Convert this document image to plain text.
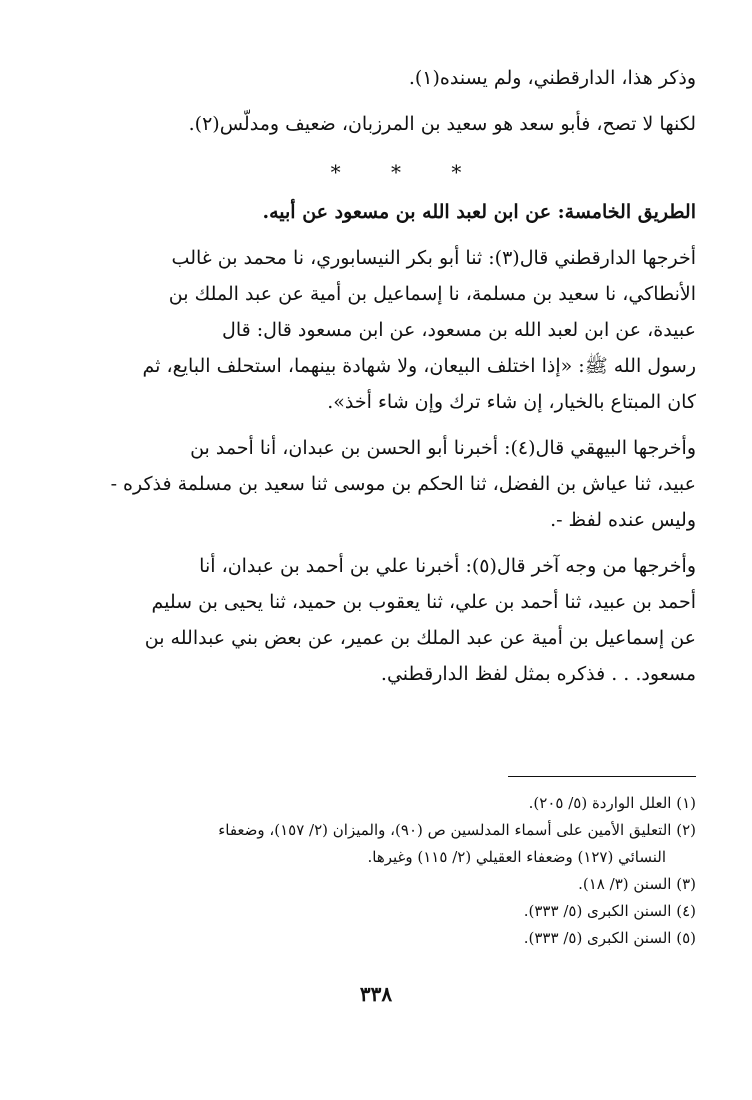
وذكر هذا، الدارقطني، ولم يسنده(١).
لكنها لا تصح، فأبو سعد هو سعيد بن المرزبان، ضعيف ومدلّس(٢).
*	*	*
الطريق الخامسة: عن ابن لعبد الله بن مسعود عن أبيه.
أخرجها الدارقطني قال(٣): ثنا أبو بكر النيسابوري، نا محمد بن غالب
الأنطاكي، نا سعيد بن مسلمة، نا إسماعيل بن أمية عن عبد الملك بن
عبيدة، عن ابن لعبد الله بن مسعود، عن ابن مسعود قال: قال
رسول الله ﷺ: «إذا اختلف البيعان، ولا شهادة بينهما، استحلف البايع، ثم
كان المبتاع بالخيار، إن شاء ترك وإن شاء أخذ».
وأخرجها البيهقي قال(٤): أخبرنا أبو الحسن بن عبدان، أنا أحمد بن
عبيد، ثنا عياش بن الفضل، ثنا الحكم بن موسى ثنا سعيد بن مسلمة فذكره -
وليس عنده لفظ -.
وأخرجها من وجه آخر قال(٥): أخبرنا علي بن أحمد بن عبدان، أنا
أحمد بن عبيد، ثنا أحمد بن علي، ثنا يعقوب بن حميد، ثنا يحيى بن سليم
عن إسماعيل بن أمية عن عبد الملك بن عمير، عن بعض بني عبدالله بن
مسعود. . . فذكره بمثل لفظ الدارقطني.
(١) العلل الواردة (٥/ ٢٠٥).
(٢) التعليق الأمين على أسماء المدلسين ص (٩٠)، والميزان (٢/ ١٥٧)، وضعفاء
النسائي (١٢٧) وضعفاء العقيلي (٢/ ١١٥) وغيرها.
(٣) السنن (٣/ ١٨).
(٤) السنن الكبرى (٥/ ٣٣٣).
(٥) السنن الكبرى (٥/ ٣٣٣).
٣٣٨
